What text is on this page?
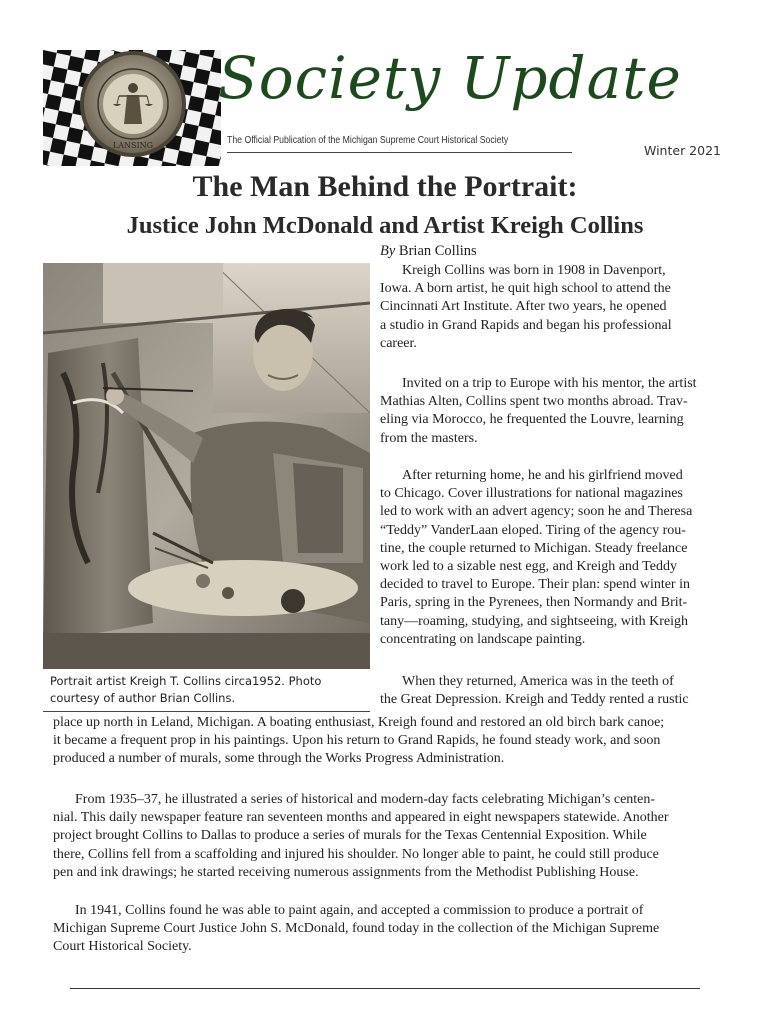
LANSING
Society Update
The Official Publication of the Michigan Supreme Court Historical Society
Winter 2021
The Man Behind the Portrait:
Justice John McDonald and Artist Kreigh Collins
Portrait artist Kreigh T. Collins circa1952. Photo
courtesy of author Brian Collins.
By Brian Collins
Kreigh Collins was born in 1908 in Davenport,
Iowa. A born artist, he quit high school to attend the
Cincinnati Art Institute. After two years, he opened
a studio in Grand Rapids and began his professional
career.
Invited on a trip to Europe with his mentor, the artist
Mathias Alten, Collins spent two months abroad. Trav-
eling via Morocco, he frequented the Louvre, learning
from the masters.
After returning home, he and his girlfriend moved
to Chicago. Cover illustrations for national magazines
led to work with an advert agency; soon he and Theresa
“Teddy” VanderLaan eloped. Tiring of the agency rou-
tine, the couple returned to Michigan. Steady freelance
work led to a sizable nest egg, and Kreigh and Teddy
decided to travel to Europe. Their plan: spend winter in
Paris, spring in the Pyrenees, then Normandy and Brit-
tany—roaming, studying, and sightseeing, with Kreigh
concentrating on landscape painting.
When they returned, America was in the teeth of
the Great Depression. Kreigh and Teddy rented a rustic
place up north in Leland, Michigan. A boating enthusiast, Kreigh found and restored an old birch bark canoe;
it became a frequent prop in his paintings. Upon his return to Grand Rapids, he found steady work, and soon
produced a number of murals, some through the Works Progress Administration.
From 1935–37, he illustrated a series of historical and modern-day facts celebrating Michigan’s centen-
nial. This daily newspaper feature ran seventeen months and appeared in eight newspapers statewide. Another
project brought Collins to Dallas to produce a series of murals for the Texas Centennial Exposition. While
there, Collins fell from a scaffolding and injured his shoulder. No longer able to paint, he could still produce
pen and ink drawings; he started receiving numerous assignments from the Methodist Publishing House.
In 1941, Collins found he was able to paint again, and accepted a commission to produce a portrait of
Michigan Supreme Court Justice John S. McDonald, found today in the collection of the Michigan Supreme
Court Historical Society.
